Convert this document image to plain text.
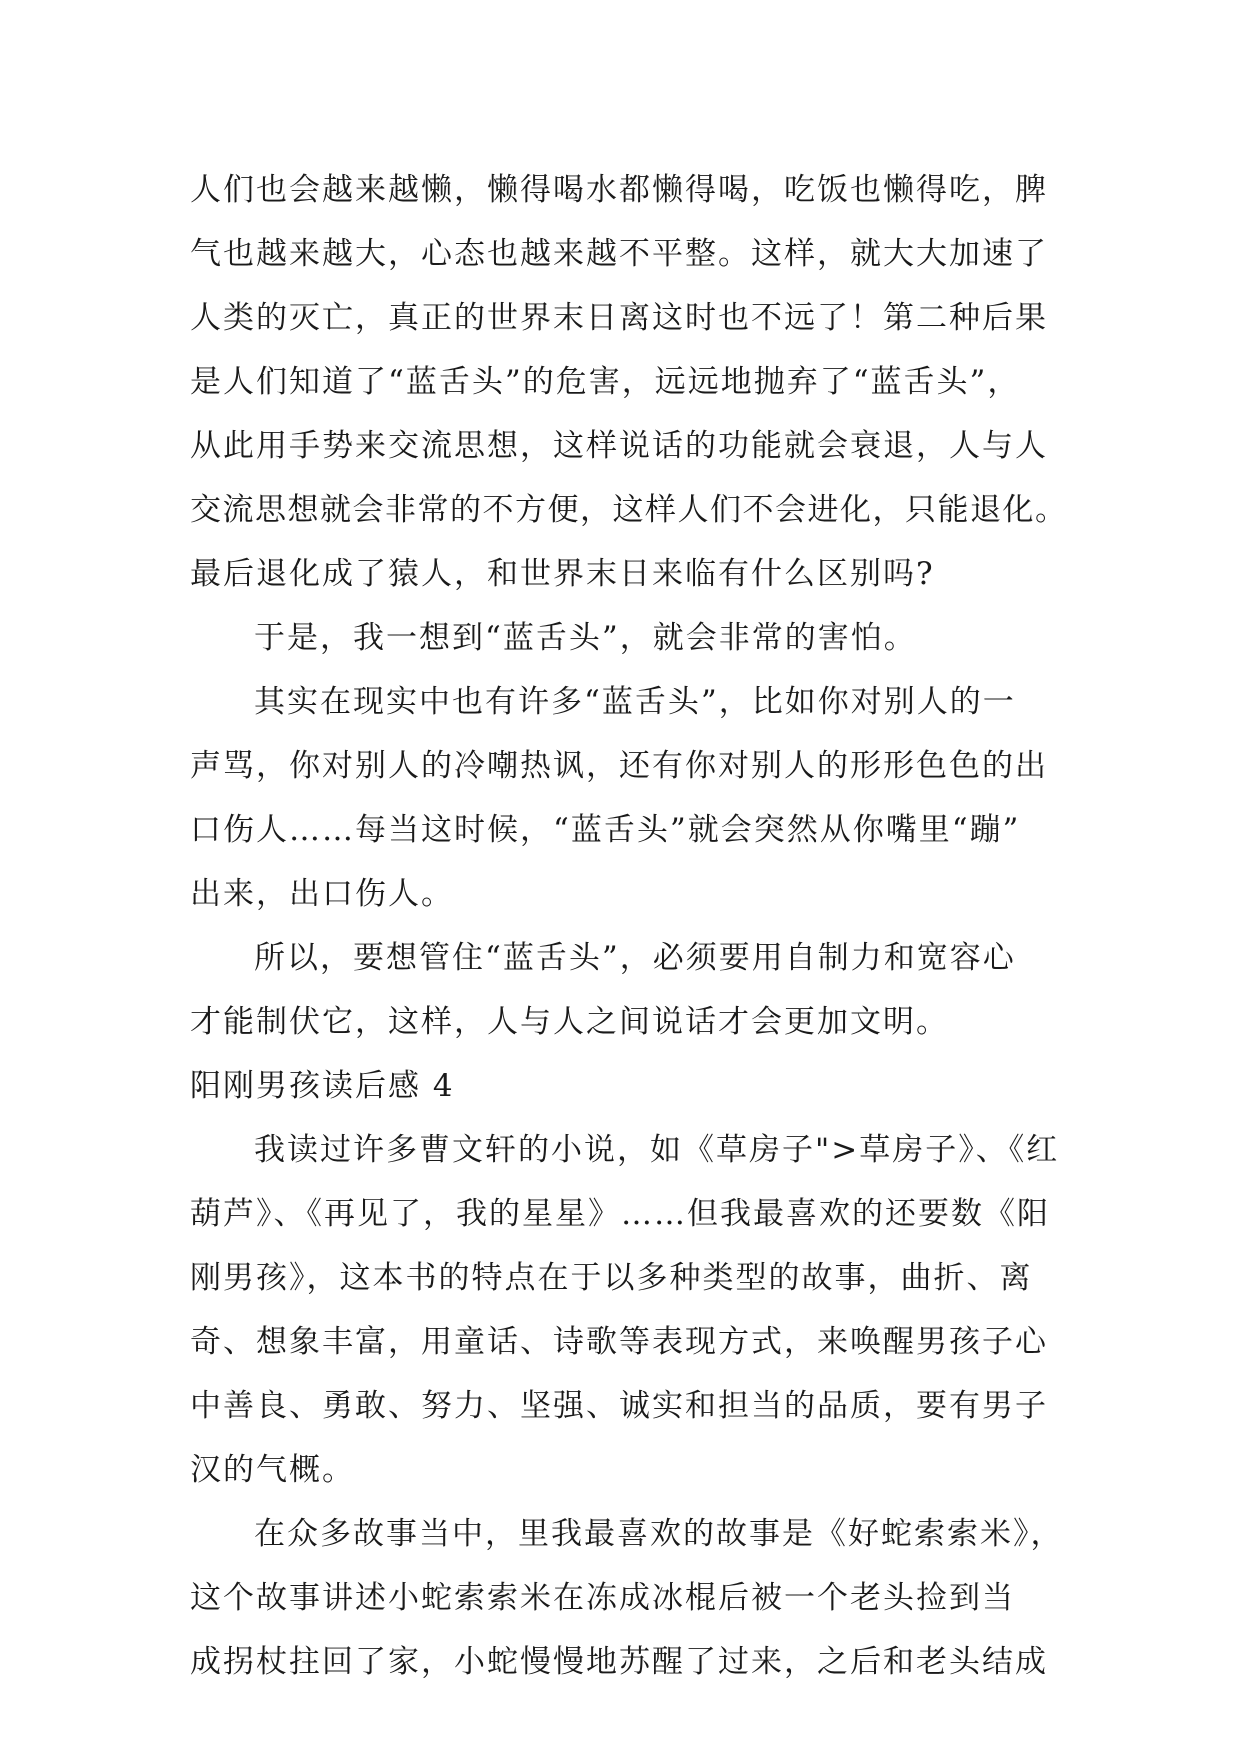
人们也会越来越懒，懒得喝水都懒得喝，吃饭也懒得吃，脾
气也越来越大，心态也越来越不平整。这样，就大大加速了
人类的灭亡，真正的世界末日离这时也不远了！第二种后果
是人们知道了“蓝舌头”的危害，远远地抛弃了“蓝舌头”，
从此用手势来交流思想，这样说话的功能就会衰退，人与人
交流思想就会非常的不方便，这样人们不会进化，只能退化。
最后退化成了猿人，和世界末日来临有什么区别吗?
于是，我一想到“蓝舌头”，就会非常的害怕。
其实在现实中也有许多“蓝舌头”，比如你对别人的一
声骂，你对别人的冷嘲热讽，还有你对别人的形形色色的出
口伤人……每当这时候，“蓝舌头”就会突然从你嘴里“蹦”
出来，出口伤人。
所以，要想管住“蓝舌头”，必须要用自制力和宽容心
才能制伏它，这样，人与人之间说话才会更加文明。
阳刚男孩读后感 4
我读过许多曹文轩的小说，如《草房子">草房子》、《红
葫芦》、《再见了，我的星星》……但我最喜欢的还要数《阳
刚男孩》，这本书的特点在于以多种类型的故事，曲折、离
奇、想象丰富，用童话、诗歌等表现方式，来唤醒男孩子心
中善良、勇敢、努力、坚强、诚实和担当的品质，要有男子
汉的气概。
在众多故事当中，里我最喜欢的故事是《好蛇索索米》，
这个故事讲述小蛇索索米在冻成冰棍后被一个老头捡到当
成拐杖拄回了家，小蛇慢慢地苏醒了过来，之后和老头结成
